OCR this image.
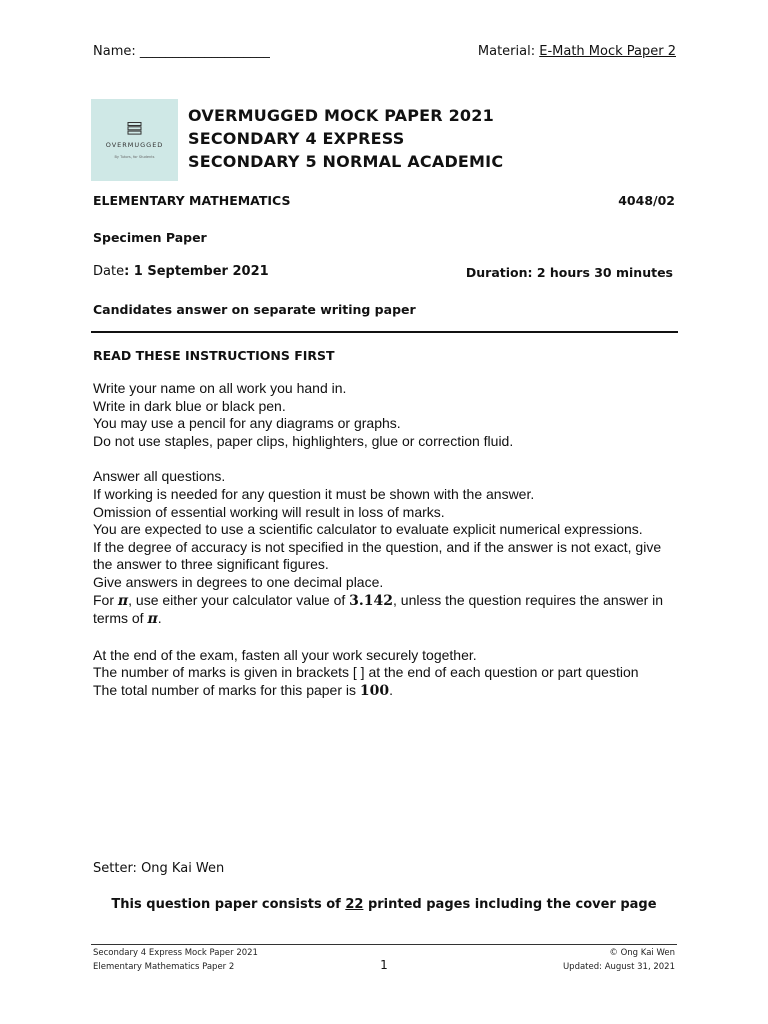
Name: ____________________	Material: E-Math Mock Paper 2
OVERMUGGED
By Tutors, for Students
OVERMUGGED MOCK PAPER 2021
SECONDARY 4 EXPRESS
SECONDARY 5 NORMAL ACADEMIC
ELEMENTARY MATHEMATICS	4048/02
Specimen Paper
Date: 1 September 2021	Duration: 2 hours 30 minutes
Candidates answer on separate writing paper
READ THESE INSTRUCTIONS FIRST
Write your name on all work you hand in.
Write in dark blue or black pen.
You may use a pencil for any diagrams or graphs.
Do not use staples, paper clips, highlighters, glue or correction fluid.
Answer all questions.
If working is needed for any question it must be shown with the answer.
Omission of essential working will result in loss of marks.
You are expected to use a scientific calculator to evaluate explicit numerical expressions.
If the degree of accuracy is not specified in the question, and if the answer is not exact, give
the answer to three significant figures.
Give answers in degrees to one decimal place.
For π, use either your calculator value of 3.142, unless the question requires the answer in
terms of π.
At the end of the exam, fasten all your work securely together.
The number of marks is given in brackets [ ] at the end of each question or part question
The total number of marks for this paper is 100.
Setter: Ong Kai Wen
This question paper consists of 22 printed pages including the cover page
Secondary 4 Express Mock Paper 2021
Elementary Mathematics Paper 2	1
© Ong Kai Wen
Updated: August 31, 2021
